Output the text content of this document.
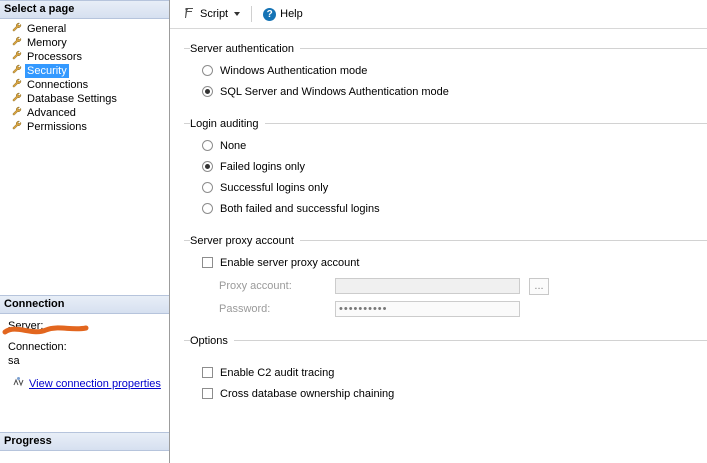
Select a page
General
Memory
Processors
Security
Connections
Database Settings
Advanced
Permissions
Connection
Server:
Connection:
sa
View connection properties
Progress
Script	? Help
Server authentication
Windows Authentication mode
SQL Server and Windows Authentication mode
Login auditing
None
Failed logins only
Successful logins only
Both failed and successful logins
Server proxy account
Enable server proxy account
Proxy account:	...
Password:	••••••••••
Options
Enable C2 audit tracing
Cross database ownership chaining
